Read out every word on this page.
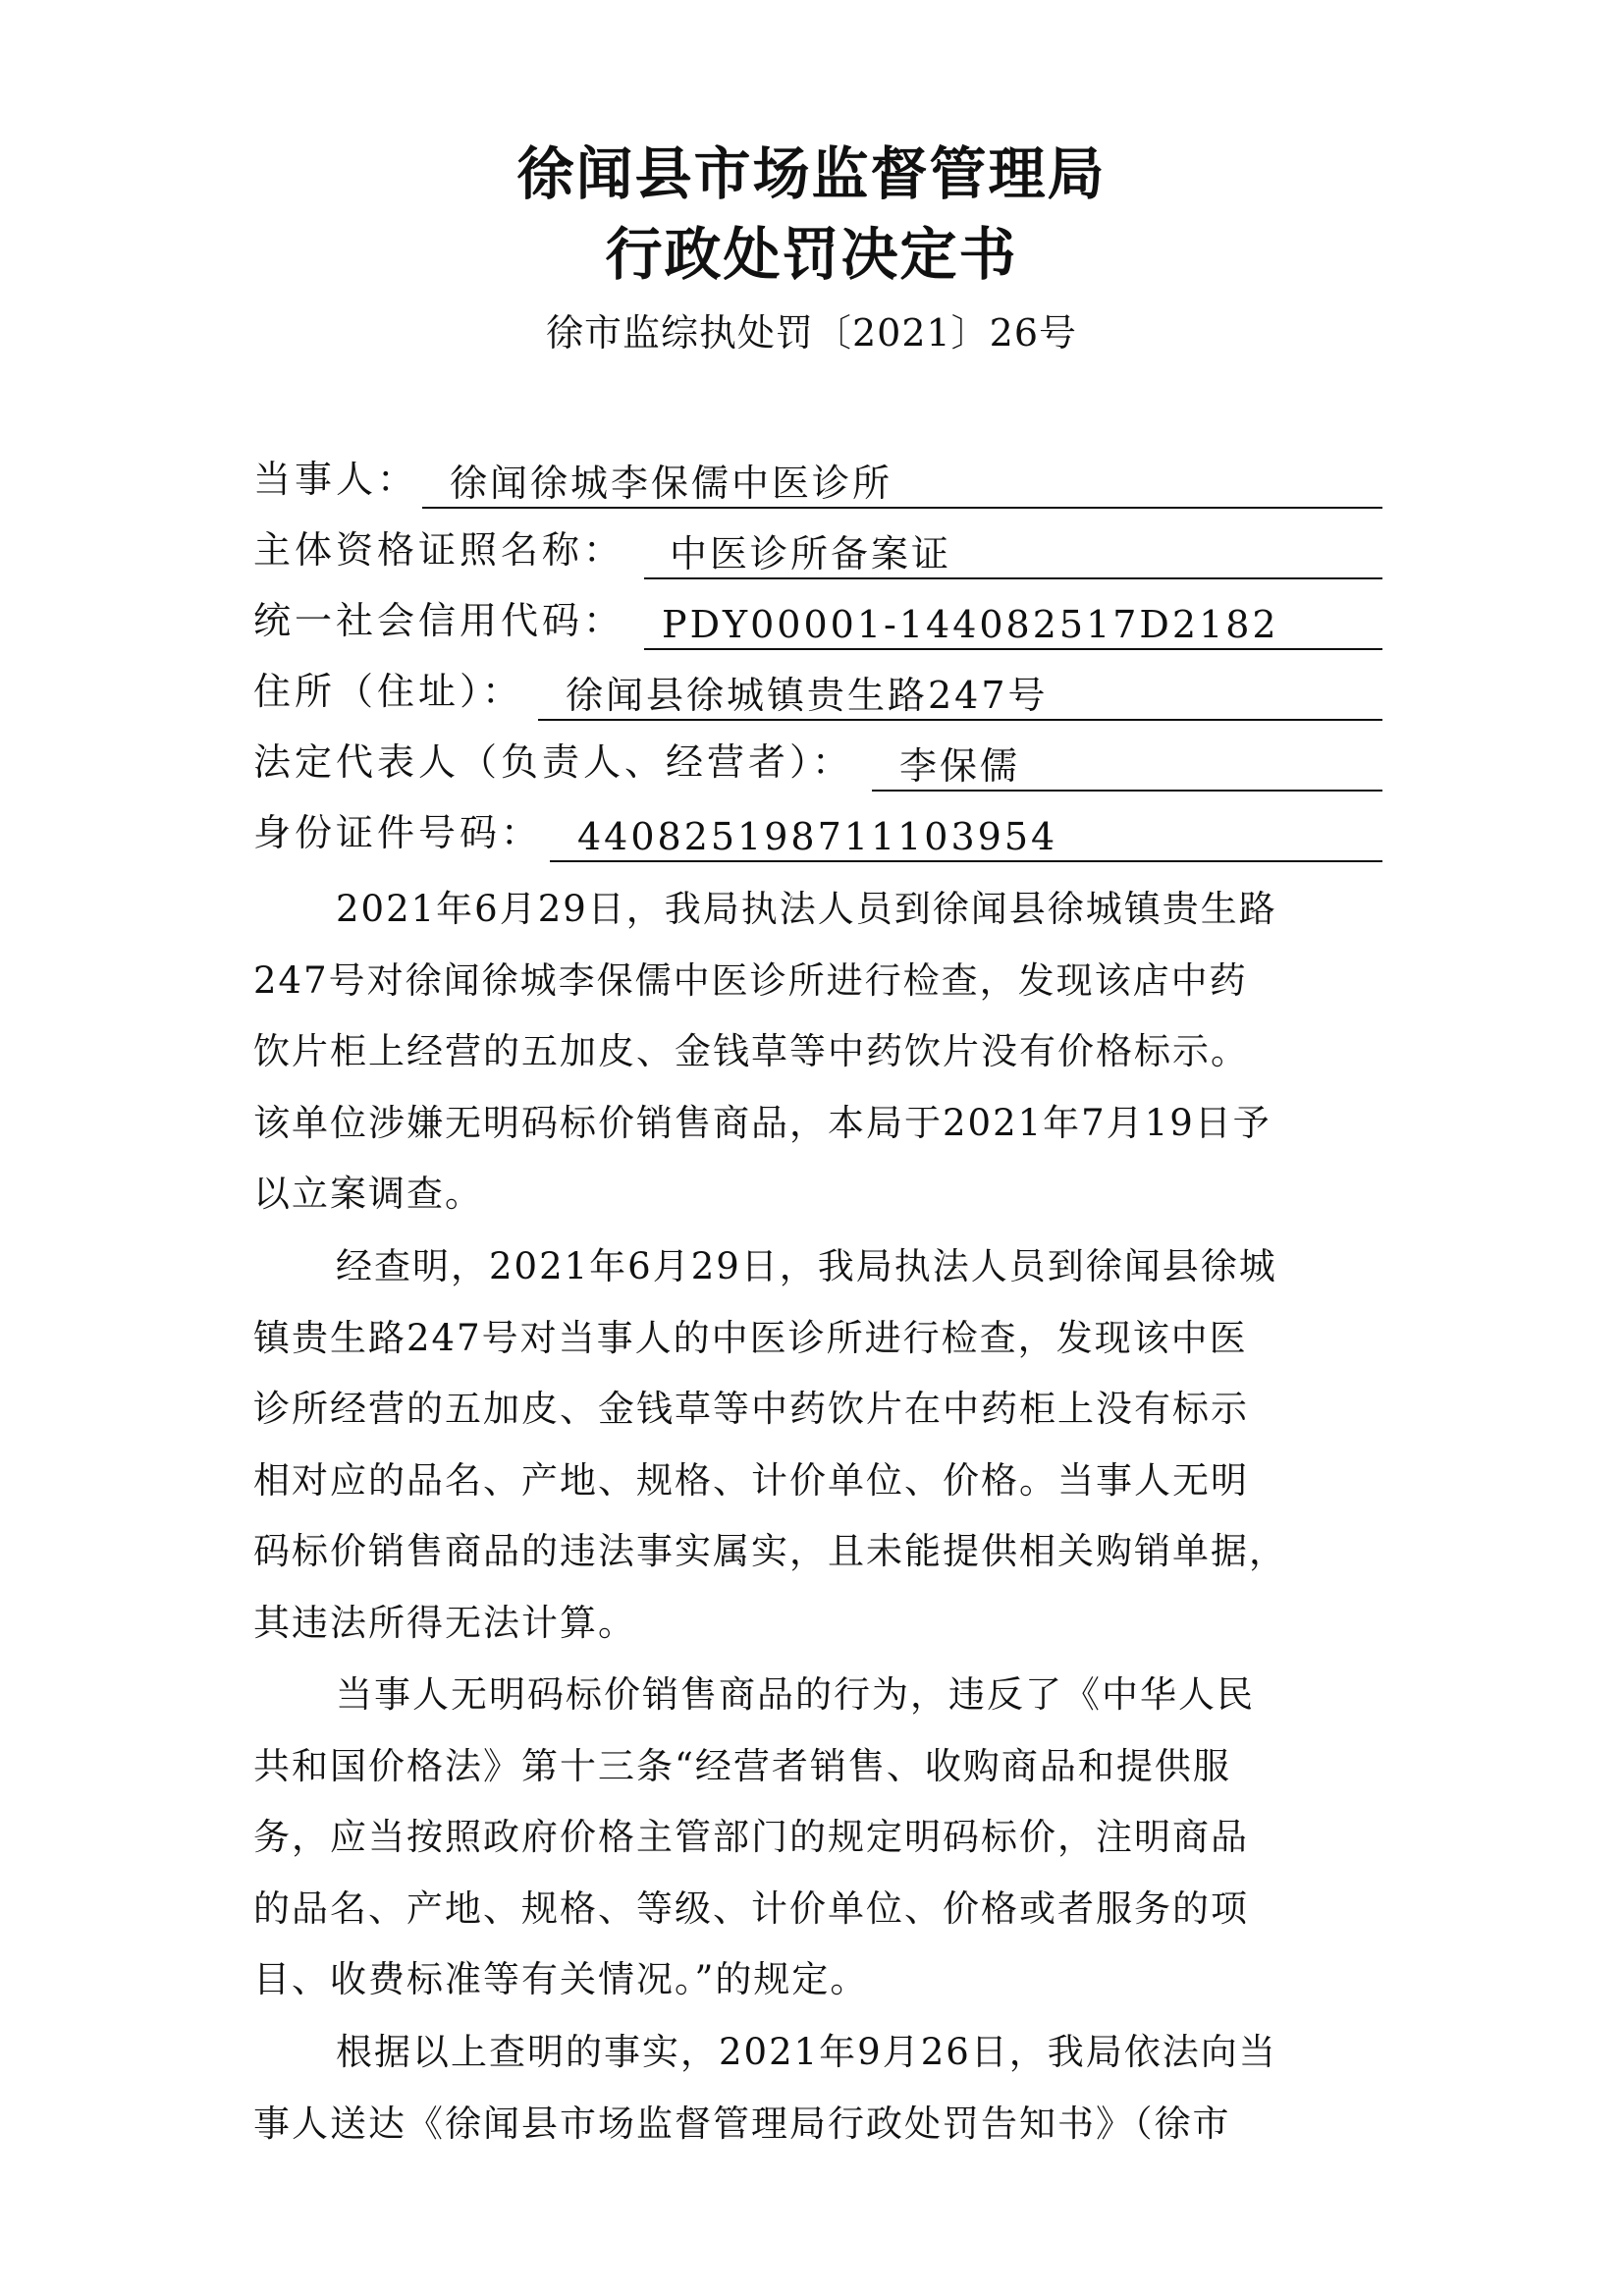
徐闻县市场监督管理局
行政处罚决定书
徐市监综执处罚〔2021〕26号
当事人： 徐闻徐城李保儒中医诊所
主体资格证照名称： 中医诊所备案证
统一社会信用代码： PDY00001-144082517D2182
住所（住址）： 徐闻县徐城镇贵生路247号
法定代表人（负责人、经营者）： 李保儒
身份证件号码： 440825198711103954
2021年6月29日，我局执法人员到徐闻县徐城镇贵生路
247号对徐闻徐城李保儒中医诊所进行检查，发现该店中药
饮片柜上经营的五加皮、金钱草等中药饮片没有价格标示。
该单位涉嫌无明码标价销售商品，本局于2021年7月19日予
以立案调查。
经查明，2021年6月29日，我局执法人员到徐闻县徐城
镇贵生路247号对当事人的中医诊所进行检查，发现该中医
诊所经营的五加皮、金钱草等中药饮片在中药柜上没有标示
相对应的品名、产地、规格、计价单位、价格。当事人无明
码标价销售商品的违法事实属实，且未能提供相关购销单据，
其违法所得无法计算。
当事人无明码标价销售商品的行为，违反了《中华人民
共和国价格法》第十三条“经营者销售、收购商品和提供服
务，应当按照政府价格主管部门的规定明码标价，注明商品
的品名、产地、规格、等级、计价单位、价格或者服务的项
目、收费标准等有关情况。”的规定。
根据以上查明的事实，2021年9月26日，我局依法向当
事人送达《徐闻县市场监督管理局行政处罚告知书》（徐市
